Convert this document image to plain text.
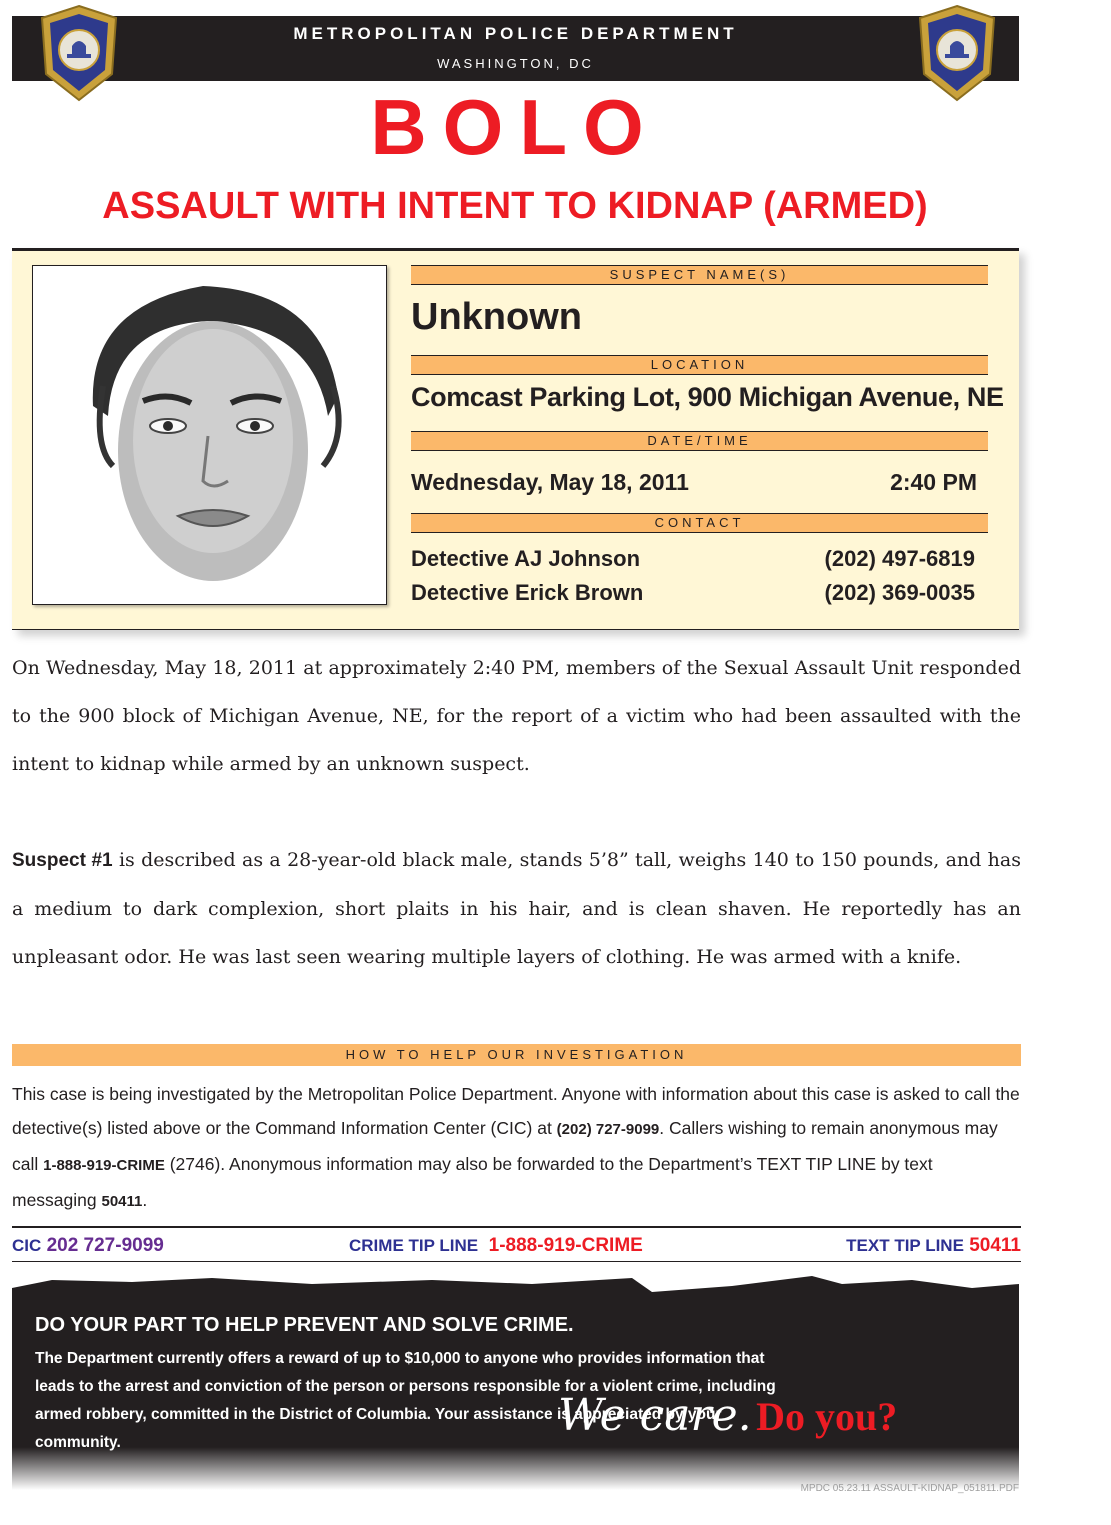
METROPOLITAN POLICE DEPARTMENT
WASHINGTON, DC
BOLO
ASSAULT WITH INTENT TO KIDNAP (ARMED)
SUSPECT NAME(S)
Unknown
LOCATION
Comcast Parking Lot, 900 Michigan Avenue, NE
DATE/TIME
Wednesday, May 18, 2011	2:40 PM
CONTACT
Detective AJ Johnson	(202) 497-6819
Detective Erick Brown	(202) 369-0035
On Wednesday, May 18, 2011 at approximately 2:40 PM, members of the Sexual Assault Unit responded to the 900 block of Michigan Avenue, NE, for the report of a victim who had been assaulted with the intent to kidnap while armed by an unknown suspect.
Suspect #1 is described as a 28-year-old black male, stands 5’8” tall, weighs 140 to 150 pounds, and has a medium to dark complexion, short plaits in his hair, and is clean shaven. He reportedly has an unpleasant odor. He was last seen wearing multiple layers of clothing. He was armed with a knife.
HOW TO HELP OUR INVESTIGATION
This case is being investigated by the Metropolitan Police Department. Anyone with information about this case is asked to call the detective(s) listed above or the Command Information Center (CIC) at (202) 727-9099. Callers wishing to remain anonymous may call 1-888-919-CRIME (2746). Anonymous information may also be forwarded to the Department’s TEXT TIP LINE by text messaging 50411.
CIC 202 727-9099	CRIME TIP LINE 1-888-919-CRIME	TEXT TIP LINE 50411
DO YOUR PART TO HELP PREVENT AND SOLVE CRIME.
The Department currently offers a reward of up to $10,000 to anyone who provides information that leads to the arrest and conviction of the person or persons responsible for a violent crime, including armed robbery, committed in the District of Columbia. Your assistance is appreciated by your community.
We care. Do you?
MPDC 05.23.11 ASSAULT-KIDNAP_051811.PDF
